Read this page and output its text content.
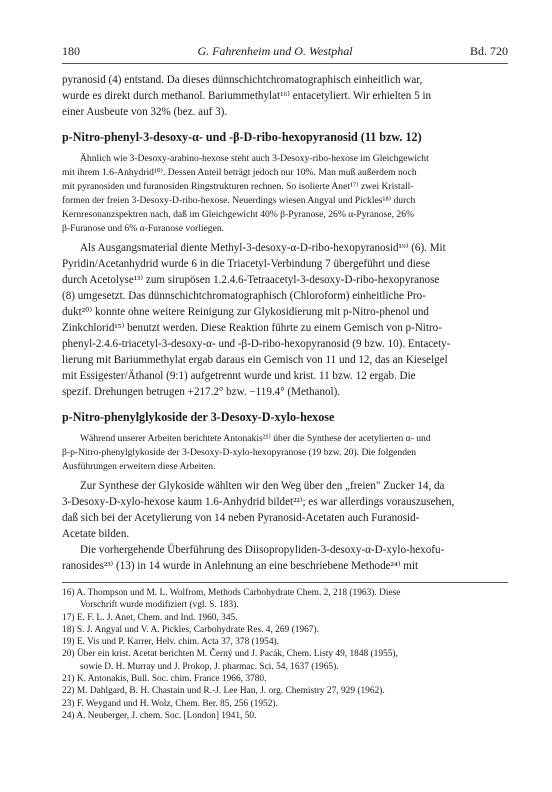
180	G. Fahrenheim und O. Westphal	Bd. 720

pyranosid (4) entstand. Da dieses dünnschichtchromatographisch einheitlich war,

wurde es direkt durch methanol. Bariummethylat¹⁶⁾ entacetyliert. Wir erhielten 5 in

einer Ausbeute von 32% (bez. auf 3).

p-Nitro-phenyl-3-desoxy-α- und -β-D-ribo-hexopyranosid (11 bzw. 12)

Ähnlich wie 3-Desoxy-arabino-hexose steht auch 3-Desoxy-ribo-hexose im Gleichgewicht

mit ihrem 1.6-Anhydrid¹⁰⁾. Dessen Anteil beträgt jedoch nur 10%. Man muß außerdem noch

mit pyranosiden und furanosiden Ringstrukturen rechnen. So isolierte Anet¹⁷⁾ zwei Kristall-

formen der freien 3-Desoxy-D-ribo-hexose. Neuerdings wiesen Angyal und Pickles¹⁸⁾ durch

Kernresonanzspektren nach, daß im Gleichgewicht 40% β-Pyranose, 26% α-Pyranose, 26%

β-Furanose und 6% α-Furanose vorliegen.

Als Ausgangsmaterial diente Methyl-3-desoxy-α-D-ribo-hexopyranosid¹⁹⁾ (6). Mit

Pyridin/Acetanhydrid wurde 6 in die Triacetyl-Verbindung 7 übergeführt und diese

durch Acetolyse¹³⁾ zum sirupösen 1.2.4.6-Tetraacetyl-3-desoxy-D-ribo-hexopyranose

(8) umgesetzt. Das dünnschichtchromatographisch (Chloroform) einheitliche Pro-

dukt²⁰⁾ konnte ohne weitere Reinigung zur Glykosidierung mit p-Nitro-phenol und

Zinkchlorid¹⁵⁾ benutzt werden. Diese Reaktion führte zu einem Gemisch von p-Nitro-

phenyl-2.4.6-triacetyl-3-desoxy-α- und -β-D-ribo-hexopyranosid (9 bzw. 10). Entacety-

lierung mit Bariummethylat ergab daraus ein Gemisch von 11 und 12, das an Kieselgel

mit Essigester/Äthanol (9:1) aufgetrennt wurde und krist. 11 bzw. 12 ergab. Die

spezif. Drehungen betrugen +217.2° bzw. −119.4° (Methanol).

p-Nitro-phenylglykoside der 3-Desoxy-D-xylo-hexose

Während unserer Arbeiten berichtete Antonakis²¹⁾ über die Synthese der acetylierten α- und

β-p-Nitro-phenylglykoside der 3-Desoxy-D-xylo-hexopyranose (19 bzw. 20). Die folgenden

Ausführungen erweitern diese Arbeiten.

Zur Synthese der Glykoside wählten wir den Weg über den „freien" Zucker 14, da

3-Desoxy-D-xylo-hexose kaum 1.6-Anhydrid bildet²²⁾; es war allerdings vorauszusehen,

daß sich bei der Acetylierung von 14 neben Pyranosid-Acetaten auch Furanosid-

Acetate bilden.

Die vorhergehende Überführung des Diisopropyliden-3-desoxy-α-D-xylo-hexofu-

ranosides²³⁾ (13) in 14 wurde in Anlehnung an eine beschriebene Methode²⁴⁾ mit

16) A. Thompson und M. L. Wolfrom, Methods Carbohydrate Chem. 2, 218 (1963). Diese

Vorschrift wurde modifiziert (vgl. S. 183).

17) E. F. L. J. Anet, Chem. and Ind. 1960, 345.

18) S. J. Angyal und V. A. Pickles, Carbohydrate Res. 4, 269 (1967).

19) E. Vis und P. Karrer, Helv. chim. Acta 37, 378 (1954).

20) Über ein krist. Acetat berichten M. Černý und J. Pacák, Chem. Listy 49, 1848 (1955),

sowie D. H. Murray und J. Prokop, J. pharmac. Sci. 54, 1637 (1965).

21) K. Antonakis, Bull. Soc. chim. France 1966, 3780.

22) M. Dahlgard, B. H. Chastain und R.-J. Lee Han, J. org. Chemistry 27, 929 (1962).

23) F. Weygand und H. Wolz, Chem. Ber. 85, 256 (1952).

24) A. Neuberger, J. chem. Soc. [London] 1941, 50.
